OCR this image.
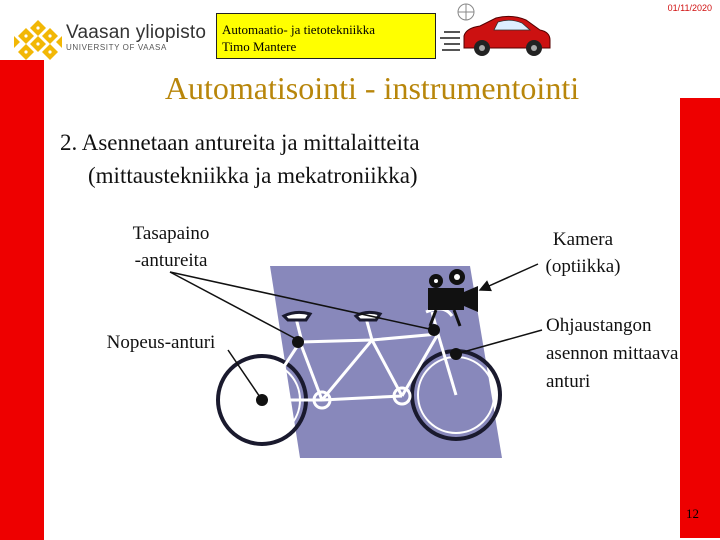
01/11/2020
Vaasan yliopisto
UNIVERSITY OF VAASA
Automaatio- ja tietotekniikka
Timo Mantere
Automatisointi - instrumentointi
2. Asennetaan antureita ja mittalaitteita
(mittaustekniikka ja mekatroniikka)
Tasapaino
-antureita
Kamera
(optiikka)
Nopeus-anturi
Ohjaustangon
asennon mittaava
anturi
12
